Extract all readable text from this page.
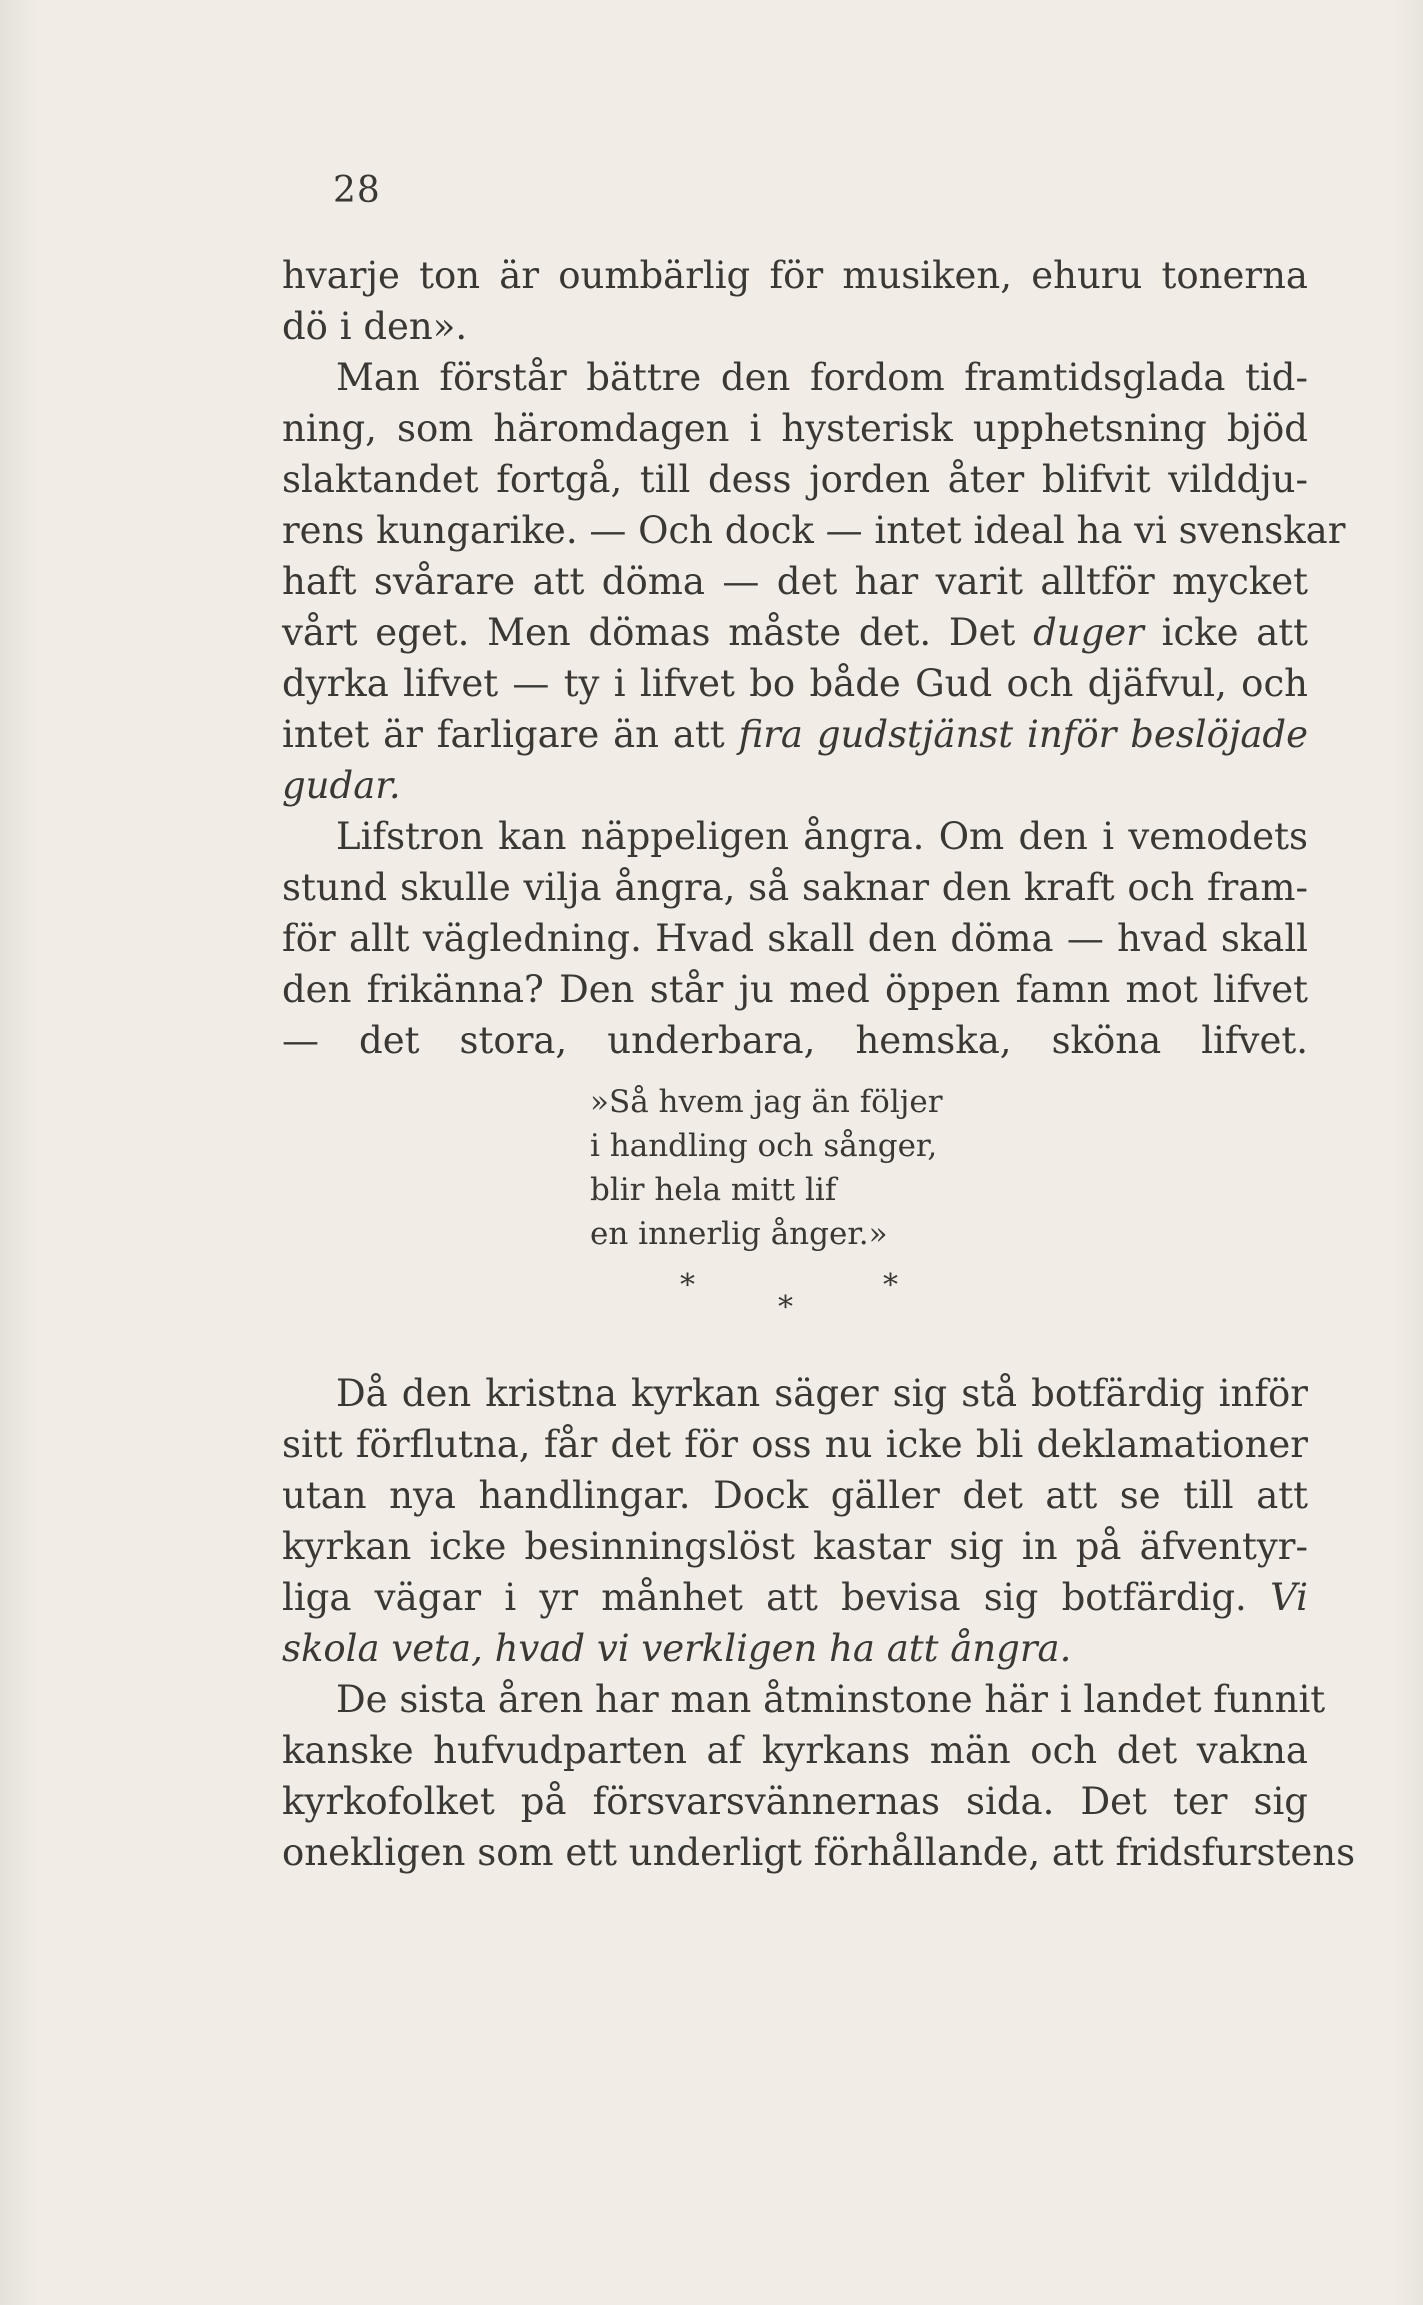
28
hvarje ton är oumbärlig för musiken, ehuru tonerna
dö i den».
Man förstår bättre den fordom framtidsglada tid-
ning, som häromdagen i hysterisk upphetsning bjöd
slaktandet fortgå, till dess jorden åter blifvit vilddju-
rens kungarike. — Och dock — intet ideal ha vi svenskar
haft svårare att döma — det har varit alltför mycket
vårt eget. Men dömas måste det. Det duger icke att
dyrka lifvet — ty i lifvet bo både Gud och djäfvul, och
intet är farligare än att fira gudstjänst inför beslöjade
gudar.
Lifstron kan näppeligen ångra. Om den i vemodets
stund skulle vilja ångra, så saknar den kraft och fram-
för allt vägledning. Hvad skall den döma — hvad skall
den frikänna? Den står ju med öppen famn mot lifvet
— det stora, underbara, hemska, sköna lifvet.
»Så hvem jag än följer
i handling och sånger,
blir hela mitt lif
en innerlig ånger.»
*
*
*
Då den kristna kyrkan säger sig stå botfärdig inför
sitt förflutna, får det för oss nu icke bli deklamationer
utan nya handlingar. Dock gäller det att se till att
kyrkan icke besinningslöst kastar sig in på äfventyr-
liga vägar i yr månhet att bevisa sig botfärdig. Vi
skola veta, hvad vi verkligen ha att ångra.
De sista åren har man åtminstone här i landet funnit
kanske hufvudparten af kyrkans män och det vakna
kyrkofolket på försvarsvännernas sida. Det ter sig
onekligen som ett underligt förhållande, att fridsfurstens
